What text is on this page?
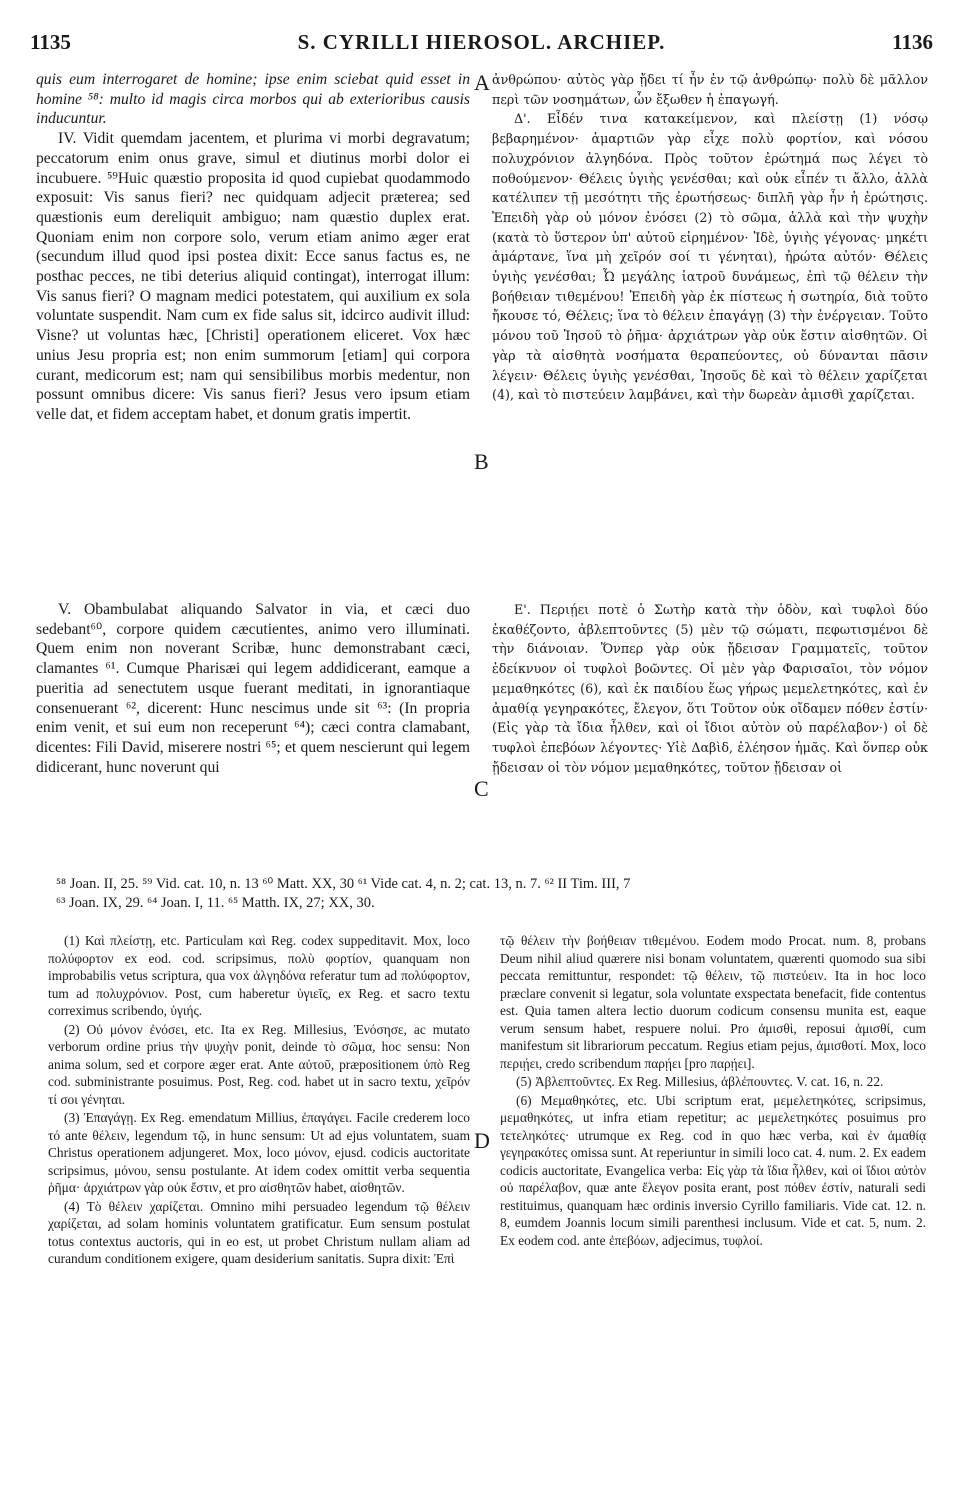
1135	S. CYRILLI HIEROSOL. ARCHIEP.	1136
A
B
C
D

quis eum interrogaret de homine; ipse enim sciebat quid esset in homine ⁵⁸: multo id magis circa morbos qui ab exterioribus causis inducuntur.

IV. Vidit quemdam jacentem, et plurima vi morbi degravatum; peccatorum enim onus grave, simul et diutinus morbi dolor ei incubuere. ⁵⁹Huic quæstio proposita id quod cupiebat quodammodo exposuit: Vis sanus fieri? nec quidquam adjecit præterea; sed quæstionis eum dereliquit ambiguo; nam quæstio duplex erat. Quoniam enim non corpore solo, verum etiam animo æger erat (secundum illud quod ipsi postea dixit: Ecce sanus factus es, ne posthac pecces, ne tibi deterius aliquid contingat), interrogat illum: Vis sanus fieri? O magnam medici potestatem, qui auxilium ex sola voluntate suspendit. Nam cum ex fide salus sit, idcirco audivit illud: Visne? ut voluntas hæc, [Christi] operationem eliceret. Vox hæc unius Jesu propria est; non enim summorum [etiam] qui corpora curant, medicorum est; nam qui sensibilibus morbis medentur, non possunt omnibus dicere: Vis sanus fieri? Jesus vero ipsum etiam velle dat, et fidem acceptam habet, et donum gratis impertit.

ἀνθρώπου· αὐτὸς γὰρ ᾔδει τί ἦν ἐν τῷ ἀνθρώπῳ· πολὺ δὲ μᾶλλον περὶ τῶν νοσημάτων, ὧν ἔξωθεν ἡ ἐπαγωγή.

Δ'. Εἶδέν τινα κατακείμενον, καὶ πλείστῃ (1) νόσῳ βεβαρημένον· ἁμαρτιῶν γὰρ εἶχε πολὺ φορτίον, καὶ νόσου πολυχρόνιον ἀλγηδόνα. Πρὸς τοῦτον ἐρώτημά πως λέγει τὸ ποθούμενον· Θέλεις ὑγιὴς γενέσθαι; καὶ οὐκ εἶπέν τι ἄλλο, ἀλλὰ κατέλιπεν τῇ μεσότητι τῆς ἐρωτήσεως· διπλῆ γὰρ ἦν ἡ ἐρώτησις. Ἐπειδὴ γὰρ οὐ μόνον ἐνόσει (2) τὸ σῶμα, ἀλλὰ καὶ τὴν ψυχὴν (κατὰ τὸ ὕστερον ὑπ' αὐτοῦ εἰρημένον· Ἰδὲ, ὑγιὴς γέγονας· μηκέτι ἁμάρτανε, ἵνα μὴ χεῖρόν σοί τι γένηται), ἠρώτα αὐτόν· Θέλεις ὑγιὴς γενέσθαι; Ὦ μεγάλης ἰατροῦ δυνάμεως, ἐπὶ τῷ θέλειν τὴν βοήθειαν τιθεμένου! Ἐπειδὴ γὰρ ἐκ πίστεως ἡ σωτηρία, διὰ τοῦτο ἤκουσε τό, Θέλεις; ἵνα τὸ θέλειν ἐπαγάγῃ (3) τὴν ἐνέργειαν. Τοῦτο μόνου τοῦ Ἰησοῦ τὸ ῥῆμα· ἀρχιάτρων γὰρ οὐκ ἔστιν αἰσθητῶν. Οἱ γὰρ τὰ αἰσθητὰ νοσήματα θεραπεύοντες, οὐ δύνανται πᾶσιν λέγειν· Θέλεις ὑγιὴς γενέσθαι, Ἰησοῦς δὲ καὶ τὸ θέλειν χαρίζεται (4), καὶ τὸ πιστεύειν λαμβάνει, καὶ τὴν δωρεὰν ἀμισθὶ χαρίζεται.

V. Obambulabat aliquando Salvator in via, et cæci duo sedebant⁶⁰, corpore quidem cæcutientes, animo vero illuminati. Quem enim non noverant Scribæ, hunc demonstrabant cæci, clamantes ⁶¹. Cumque Pharisæi qui legem addidicerant, eamque a pueritia ad senectutem usque fuerant meditati, in ignorantiaque consenuerant ⁶², dicerent: Hunc nescimus unde sit ⁶³: (In propria enim venit, et sui eum non receperunt ⁶⁴); cæci contra clamabant, dicentes: Fili David, miserere nostri ⁶⁵; et quem nescierunt qui legem didicerant, hunc noverunt qui

Ε'. Περιῄει ποτὲ ὁ Σωτὴρ κατὰ τὴν ὁδὸν, καὶ τυφλοὶ δύο ἐκαθέζοντο, ἀβλεπτοῦντες (5) μὲν τῷ σώματι, πεφωτισμένοι δὲ τὴν διάνοιαν. Ὅνπερ γὰρ οὐκ ᾔδεισαν Γραμματεῖς, τοῦτον ἐδείκνυον οἱ τυφλοὶ βοῶντες. Οἱ μὲν γὰρ Φαρισαῖοι, τὸν νόμον μεμαθηκότες (6), καὶ ἐκ παιδίου ἕως γήρως μεμελετηκότες, καὶ ἐν ἀμαθίᾳ γεγηρακότες, ἔλεγον, ὅτι Τοῦτον οὐκ οἴδαμεν πόθεν ἐστίν· (Εἰς γὰρ τὰ ἴδια ἦλθεν, καὶ οἱ ἴδιοι αὐτὸν οὐ παρέλαβον·) οἱ δὲ τυφλοὶ ἐπεβόων λέγοντες· Υἱὲ Δαβὶδ, ἐλέησον ἡμᾶς. Καὶ ὅνπερ οὐκ ᾔδεισαν οἱ τὸν νόμον μεμαθηκότες, τοῦτον ᾔδεισαν οἱ

⁵⁸ Joan. II, 25. ⁵⁹ Vid. cat. 10, n. 13 ⁶⁰ Matt. XX, 30 ⁶¹ Vide cat. 4, n. 2; cat. 13, n. 7. ⁶² II Tim. III, 7

⁶³ Joan. IX, 29. ⁶⁴ Joan. I, 11. ⁶⁵ Matth. IX, 27; XX, 30.

(1) Καὶ πλείστῃ, etc. Particulam καὶ Reg. codex suppeditavit. Mox, loco πολύφορτον ex eod. cod. scripsimus, πολὺ φορτίον, quanquam non improbabilis vetus scriptura, qua vox ἀλγηδόνα referatur tum ad πολύφορτον, tum ad πολυχρόνιον. Post, cum haberetur ὑγιεῖς, ex Reg. et sacro textu correximus scribendo, ὑγιής.

(2) Οὐ μόνον ἐνόσει, etc. Ita ex Reg. Millesius, Ἐνόσησε, ac mutato verborum ordine prius τὴν ψυχὴν ponit, deinde τὸ σῶμα, hoc sensu: Non anima solum, sed et corpore æger erat. Ante αὐτοῦ, præpositionem ὑπὸ Reg cod. subministrante posuimus. Post, Reg. cod. habet ut in sacro textu, χεῖρόν τί σοι γένηται.

(3) Ἐπαγάγῃ. Ex Reg. emendatum Millius, ἐπαγάγει. Facile crederem loco τό ante θέλειν, legendum τῷ, in hunc sensum: Ut ad ejus voluntatem, suam Christus operationem adjungeret. Mox, loco μόνον, ejusd. codicis auctoritate scripsimus, μόνου, sensu postulante. At idem codex omittit verba sequentia ῥῆμα· ἀρχιάτρων γὰρ οὐκ ἔστιν, et pro αἰσθητῶν habet, αἰσθητῶν.

(4) Τὸ θέλειν χαρίζεται. Omnino mihi persuadeo legendum τῷ θέλειν χαρίζεται, ad solam hominis voluntatem gratificatur. Eum sensum postulat totus contextus auctoris, qui in eo est, ut probet Christum nullam aliam ad curandum conditionem exigere, quam desiderium sanitatis. Supra dixit: Ἐπὶ

τῷ θέλειν τὴν βοήθειαν τιθεμένου. Eodem modo Procat. num. 8, probans Deum nihil aliud quærere nisi bonam voluntatem, quærenti quomodo sua sibi peccata remittuntur, respondet: τῷ θέλειν, τῷ πιστεύειν. Ita in hoc loco præclare convenit si legatur, sola voluntate exspectata benefacit, fide contentus est. Quia tamen altera lectio duorum codicum consensu munita est, eaque verum sensum habet, respuere nolui. Pro ἀμισθὶ, reposui ἀμισθί, cum manifestum sit librariorum peccatum. Regius etiam pejus, ἀμισθοτί. Mox, loco περιῄει, credo scribendum παρῄει [pro παρῄει].

(5) Ἀβλεπτοῦντες. Ex Reg. Millesius, ἀβλέπουντες. V. cat. 16, n. 22.

(6) Μεμαθηκότες, etc. Ubi scriptum erat, μεμελετηκότες, scripsimus, μεμαθηκότες, ut infra etiam repetitur; ac μεμελετηκότες posuimus pro τετεληκότες· utrumque ex Reg. cod in quo hæc verba, καὶ ἐν ἀμαθίᾳ γεγηρακότες omissa sunt. At reperiuntur in simili loco cat. 4. num. 2. Ex eadem codicis auctoritate, Evangelica verba: Εἰς γὰρ τὰ ἴδια ἦλθεν, καὶ οἱ ἴδιοι αὐτὸν οὐ παρέλαβον, quæ ante ἔλεγον posita erant, post πόθεν ἐστίν, naturali sedi restituimus, quanquam hæc ordinis inversio Cyrillo familiaris. Vide cat. 12. n. 8, eumdem Joannis locum simili parenthesi inclusum. Vide et cat. 5, num. 2. Ex eodem cod. ante ἐπεβόων, adjecimus, τυφλοί.
